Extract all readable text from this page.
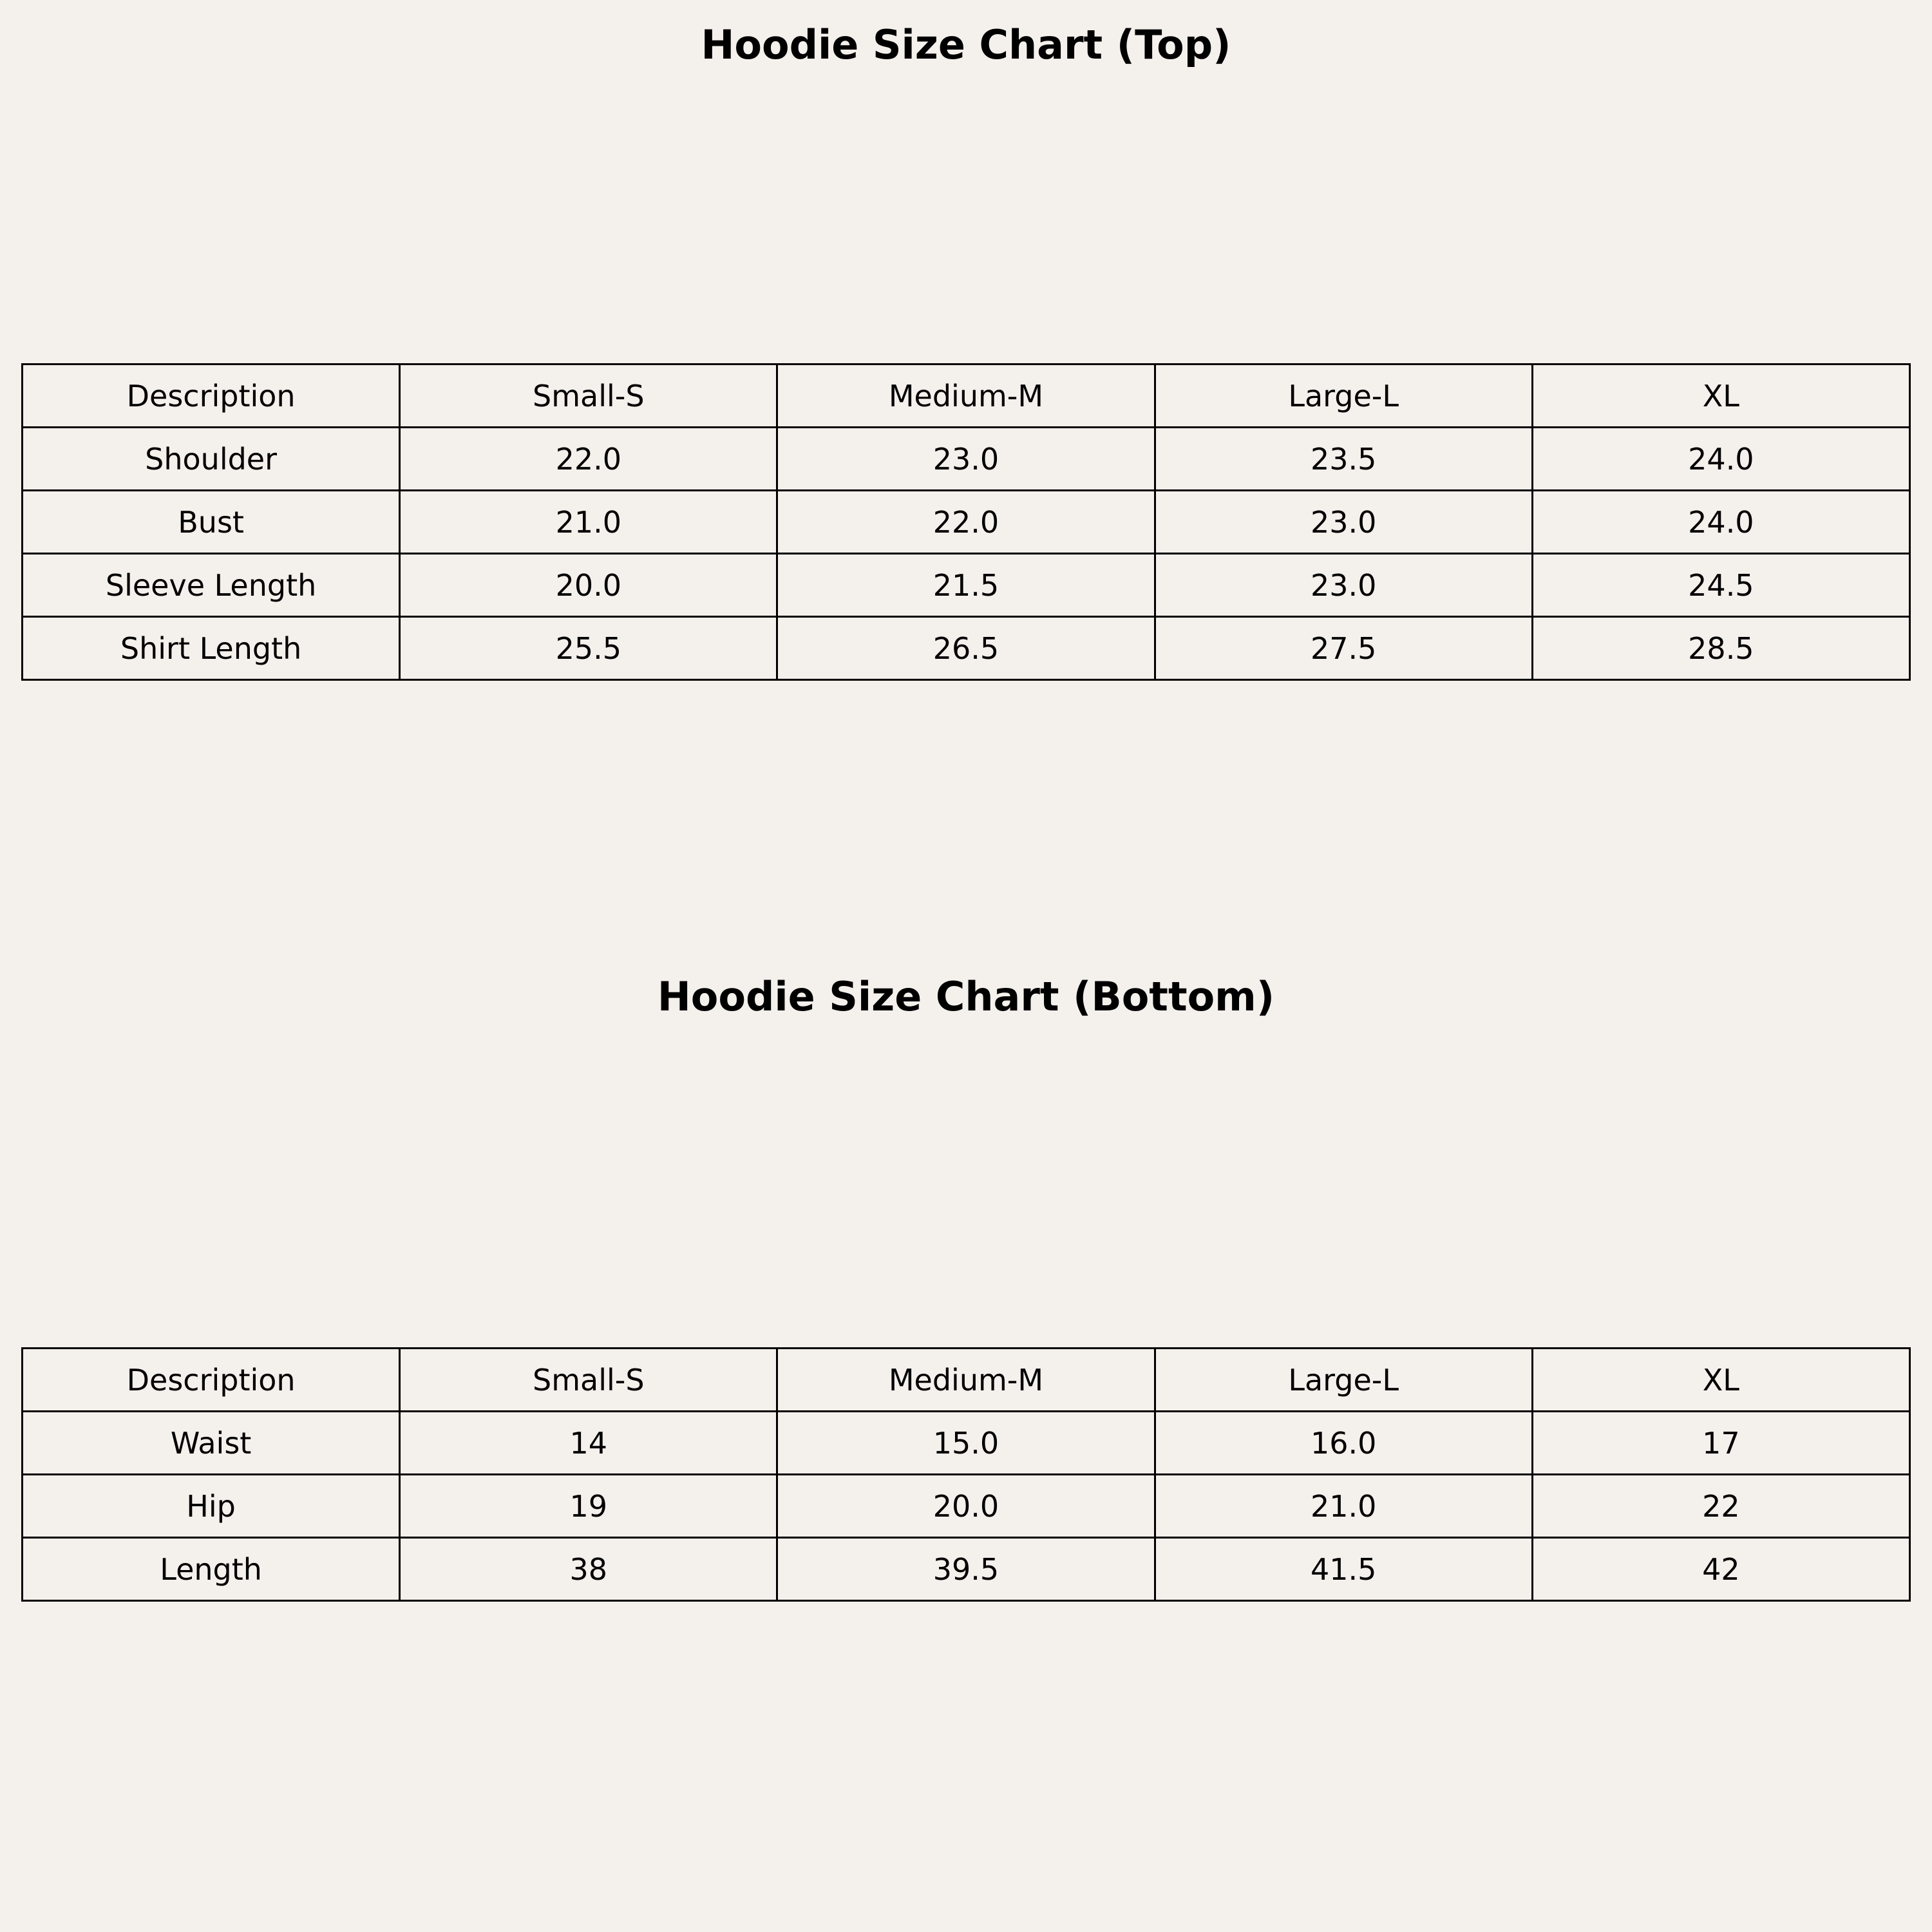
Hoodie Size Chart (Top)
Description	Small-S	Medium-M	Large-L	XL
Shoulder	22.0	23.0	23.5	24.0
Bust	21.0	22.0	23.0	24.0
Sleeve Length	20.0	21.5	23.0	24.5
Shirt Length	25.5	26.5	27.5	28.5
Hoodie Size Chart (Bottom)
Description	Small-S	Medium-M	Large-L	XL
Waist	14	15.0	16.0	17
Hip	19	20.0	21.0	22
Length	38	39.5	41.5	42
